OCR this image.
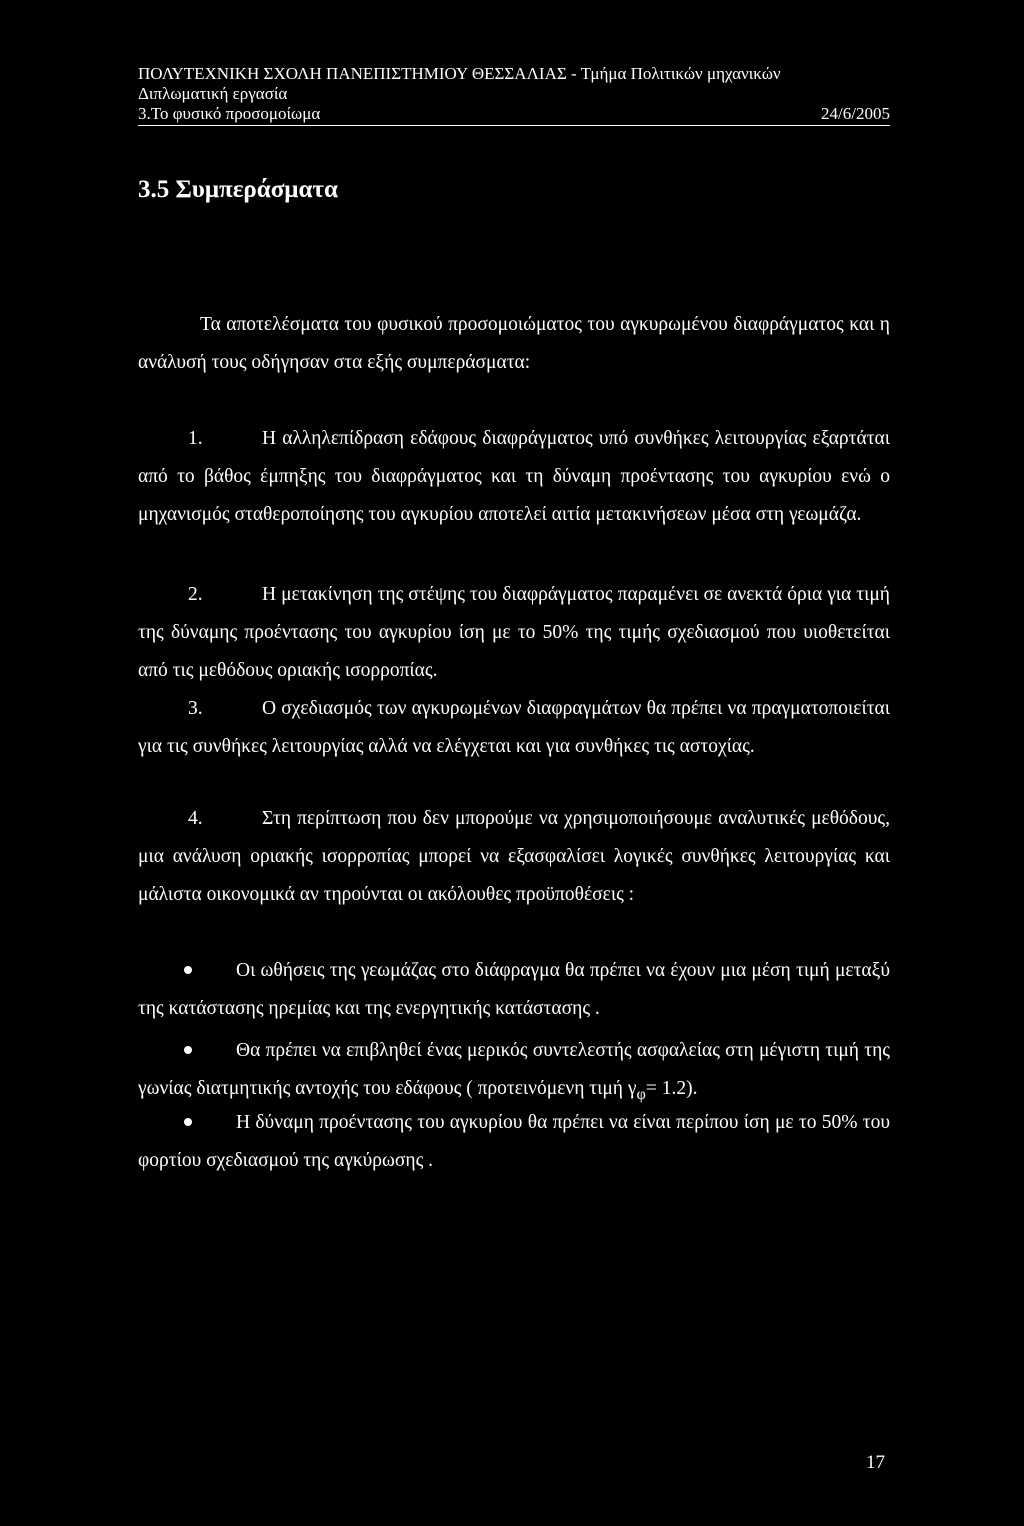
ΠΟΛΥΤΕΧΝΙΚΗ ΣΧΟΛΗ ΠΑΝΕΠΙΣΤΗΜΙΟΥ ΘΕΣΣΑΛΙΑΣ - Τμήμα Πολιτικών μηχανικών
Διπλωματική εργασία
3.Το φυσικό προσομοίωμα	24/6/2005
3.5 Συμπεράσματα
Τα αποτελέσματα του φυσικού προσομοιώματος του αγκυρωμένου διαφράγματος και η ανάλυσή τους οδήγησαν στα εξής συμπεράσματα:
1.	Η αλληλεπίδραση εδάφους διαφράγματος υπό συνθήκες λειτουργίας εξαρτάται από το βάθος έμπηξης του διαφράγματος και τη δύναμη προέντασης του αγκυρίου ενώ ο μηχανισμός σταθεροποίησης του αγκυρίου αποτελεί αιτία μετακινήσεων μέσα στη γεωμάζα.
2.	Η μετακίνηση της στέψης του διαφράγματος παραμένει σε ανεκτά όρια για τιμή της δύναμης προέντασης του αγκυρίου ίση με το 50% της τιμής σχεδιασμού που υιοθετείται από τις μεθόδους οριακής ισορροπίας.
3.	Ο σχεδιασμός των αγκυρωμένων διαφραγμάτων θα πρέπει να πραγματοποιείται για τις συνθήκες λειτουργίας αλλά να ελέγχεται και για συνθήκες τις αστοχίας.
4.	Στη περίπτωση που δεν μπορούμε να χρησιμοποιήσουμε αναλυτικές μεθόδους, μια ανάλυση οριακής ισορροπίας μπορεί να εξασφαλίσει λογικές συνθήκες λειτουργίας και μάλιστα οικονομικά αν τηρούνται οι ακόλουθες προϋποθέσεις :
Οι ωθήσεις της γεωμάζας στο διάφραγμα θα πρέπει να έχουν μια μέση τιμή μεταξύ της κατάστασης ηρεμίας και της ενεργητικής κατάστασης .
Θα πρέπει να επιβληθεί ένας μερικός συντελεστής ασφαλείας στη μέγιστη τιμή της γωνίας διατμητικής αντοχής του εδάφους ( προτεινόμενη τιμή $\gamma_\varphi= 1.2$).
Η δύναμη προέντασης του αγκυρίου θα πρέπει να είναι περίπου ίση με το 50% του φορτίου σχεδιασμού της αγκύρωσης .
17
